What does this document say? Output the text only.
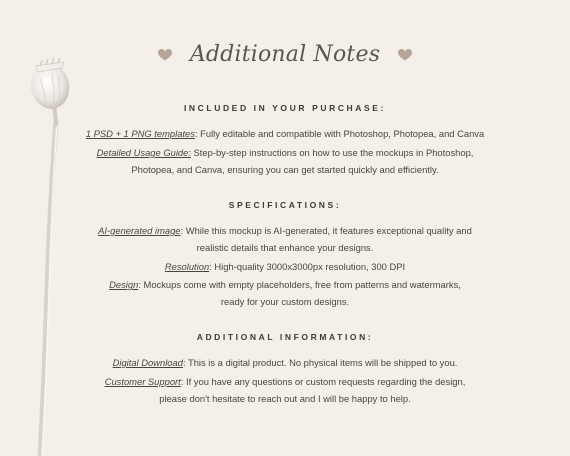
Additional Notes
INCLUDED IN YOUR PURCHASE:
1 PSD + 1 PNG templates: Fully editable and compatible with Photoshop, Photopea, and Canva
Detailed Usage Guide: Step-by-step instructions on how to use the mockups in Photoshop,
Photopea, and Canva, ensuring you can get started quickly and efficiently.
SPECIFICATIONS:
AI-generated image: While this mockup is AI-generated, it features exceptional quality and
realistic details that enhance your designs.
Resolution: High-quality 3000x3000px resolution, 300 DPI
Design: Mockups come with empty placeholders, free from patterns and watermarks,
ready for your custom designs.
ADDITIONAL INFORMATION:
Digital Download: This is a digital product. No physical items will be shipped to you.
Customer Support: If you have any questions or custom requests regarding the design,
please don't hesitate to reach out and I will be happy to help.
